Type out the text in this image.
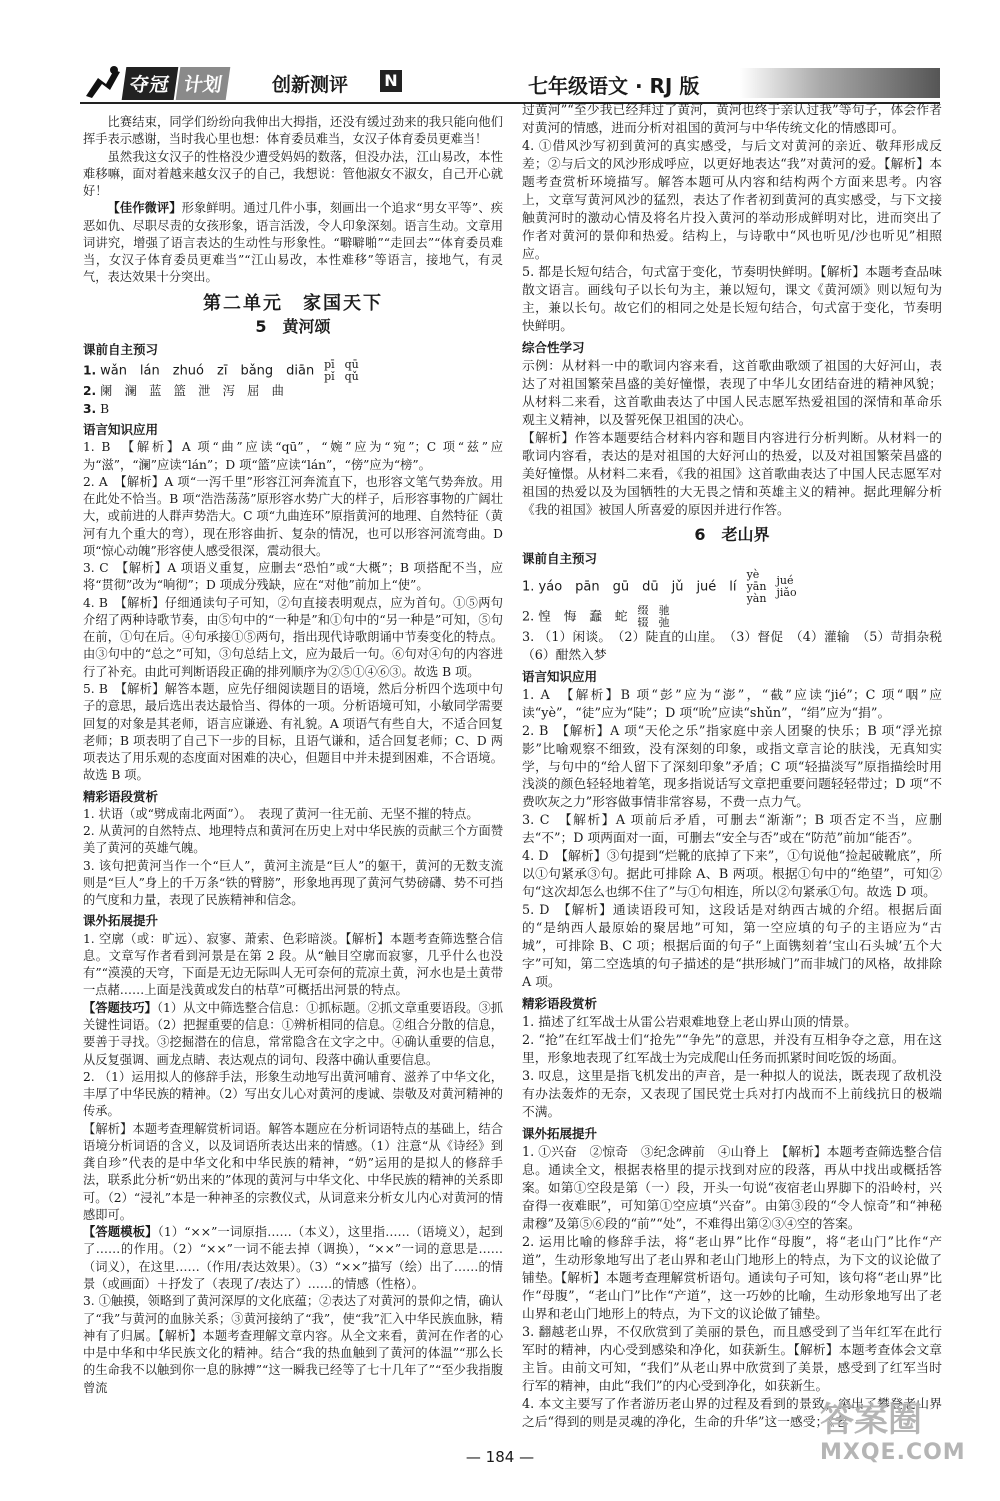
夺冠 计划	创新测评 N	七年级语文 · RJ 版

比赛结束，同学们纷纷向我伸出大拇指，还没有缓过劲来的我只能向他们挥手表示感谢，当时我心里也想：体育委员难当，女汉子体育委员更难当！

虽然我这女汉子的性格没少遭受妈妈的数落，但没办法，江山易改，本性难移嘛，面对着越来越女汉子的自己，我想说：管他淑女不淑女，自己开心就好！

【佳作微评】形象鲜明。通过几件小事，刻画出一个追求“男女平等”、疾恶如仇、尽职尽责的女孩形象，语言活泼，令人印象深刻。语言生动。文章用词讲究，增强了语言表达的生动性与形象性。“噼噼啪”“走回去”“体育委员难当，女汉子体育委员更难当”“江山易改，本性难移”等语言，接地气，有灵气，表达效果十分突出。

第二单元　家国天下
5　黄河颂
课前自主预习

1. wǎn　lán　zhuó　zī　bǎng　diān pī
pǐ

qū
qǔ

2. 阑　澜　蓝　篮　泄　泻　屈　曲

3. B

语言知识应用

1. B　【解析】A 项“曲”应读“qū”，“婉”应为“宛”；C 项“兹”应为“滋”，“澜”应读“lán”；D 项“篮”应读“lán”，“傍”应为“榜”。

2. A　【解析】A 项“一泻千里”形容江河奔流直下，也形容文笔气势奔放。用在此处不恰当。B 项“浩浩荡荡”原形容水势广大的样子，后形容事物的广阔壮大，或前进的人群声势浩大。C 项“九曲连环”原指黄河的地理、自然特征（黄河有九个重大的弯），现在形容曲折、复杂的情况，也可以形容河流弯曲。D 项“惊心动魄”形容使人感受很深，震动很大。

3. C　【解析】A 项语义重复，应删去“恐怕”或“大概”；B 项搭配不当，应将“贯彻”改为“响彻”；D 项成分残缺，应在“对他”前加上“使”。

4. B　【解析】仔细通读句子可知，②句直接表明观点，应为首句。①⑤两句介绍了两种诗歌节奏，由⑤句中的“一种是”和①句中的“另一种是”可知，⑤句在前，①句在后。④句承接①⑤两句，指出现代诗歌朗诵中节奏变化的特点。由③句中的“总之”可知，③句总结上文，应为最后一句。⑥句对④句的内容进行了补充。由此可判断语段正确的排列顺序为②⑤①④⑥③。故选 B 项。

5. B　【解析】解答本题，应先仔细阅读题目的语境，然后分析四个选项中句子的意思，最后选出表达最恰当、得体的一项。分析语境可知，小敏同学需要回复的对象是其老师，语言应谦逊、有礼貌。A 项语气有些自大，不适合回复老师；B 项表明了自己下一步的目标，且语气谦和，适合回复老师；C、D 两项表达了用乐观的态度面对困难的决心，但题目中并未提到困难，不合语境。故选 B 项。

精彩语段赏析

1. 状语（或“劈成南北两面”）。　表现了黄河一往无前、无坚不摧的特点。

2. 从黄河的自然特点、地理特点和黄河在历史上对中华民族的贡献三个方面赞美了黄河的英雄气魄。

3. 该句把黄河当作一个“巨人”，黄河主流是“巨人”的躯干，黄河的无数支流则是“巨人”身上的千万条“铁的臂膀”，形象地再现了黄河气势磅礴、势不可挡的气度和力量，表现了民族精神和信念。

课外拓展提升

1. 空廓（或：旷远）、寂寥、萧索、色彩暗淡。【解析】本题考查筛选整合信息。文章写作者看到河景是在第 2 段。从“触目空廓而寂寥，几乎什么也没有”“漠漠的天穹，下面是无边无际叫人无可奈何的荒凉土黄，河水也是土黄带一点赭……上面是浅黄或发白的枯草”可概括出河景的特点。

【答题技巧】（1）从文中筛选整合信息：①抓标题。②抓文章重要语段。③抓关键性词语。（2）把握重要的信息：①辨析相同的信息。②组合分散的信息，要善于寻找。③挖掘潜在的信息，常常隐含在文字之中。④确认重要的信息，从反复强调、画龙点睛、表达观点的词句、段落中确认重要信息。

2. （1）运用拟人的修辞手法，形象生动地写出黄河哺育、滋养了中华文化，丰厚了中华民族的精神。（2）写出女儿心对黄河的虔诚、崇敬及对黄河精神的传承。

【解析】本题考查理解赏析词语。解答本题应在分析词语特点的基础上，结合语境分析词语的含义，以及词语所表达出来的情感。（1）注意“从《诗经》到龚自珍”代表的是中华文化和中华民族的精神，“奶”运用的是拟人的修辞手法，联系此分析“奶出来的”体现的黄河与中华文化、中华民族的精神的关系即可。（2）“浸礼”本是一种神圣的宗教仪式，从词意来分析女儿内心对黄河的情感即可。

【答题模板】（1）“××”一词原指……（本义），这里指……（语境义），起到了……的作用。（2）“××”一词不能去掉（调换），“××”一词的意思是……（词义），在这里……（作用/表达效果）。（3）“××”描写（绘）出了……的情景（或画面）＋抒发了（表现了/表达了）……的情感（性格）。

3. ①触摸，领略到了黄河深厚的文化底蕴；②表达了对黄河的景仰之情，确认了“我”与黄河的血脉关系；③黄河接纳了“我”，使“我”汇入中华民族血脉，精神有了归属。【解析】本题考查理解文章内容。从全文来看，黄河在作者的心中是中华和中华民族文化的精神。结合“我的热血触到了黄河的体温”“那么长的生命我不以触到你一息的脉搏”“这一瞬我已经等了七十几年了”“至少我指腹曾流

过黄河”“至少我已经拜过了黄河，黄河也终于亲认过我”等句子，体会作者对黄河的情感，进而分析对祖国的黄河与中华传统文化的情感即可。

4. ①借风沙写初到黄河的真实感受，与后文对黄河的亲近、敬拜形成反差；②与后文的风沙形成呼应，以更好地表达“我”对黄河的爱。【解析】本题考查赏析环境描写。解答本题可从内容和结构两个方面来思考。内容上，文章写黄河风沙的猛烈，表达了作者初到黄河的真实感受，与下文接触黄河时的激动心情及将名片投入黄河的举动形成鲜明对比，进而突出了作者对黄河的景仰和热爱。结构上，与诗歌中“风也听见/沙也听见”相照应。

5. 都是长短句结合，句式富于变化，节奏明快鲜明。【解析】本题考查品味散文语言。画线句子以长句为主，兼以短句，课文《黄河颂》则以短句为主，兼以长句。故它们的相同之处是长短句结合，句式富于变化，节奏明快鲜明。

综合性学习

示例：从材料一中的歌词内容来看，这首歌曲歌颂了祖国的大好河山，表达了对祖国繁荣昌盛的美好憧憬，表现了中华儿女团结奋进的精神风貌；从材料二来看，这首歌曲表达了中国人民志愿军热爱祖国的深情和革命乐观主义精神，以及誓死保卫祖国的决心。

【解析】作答本题要结合材料内容和题目内容进行分析判断。从材料一的歌词内容看，表达的是对祖国的大好河山的热爱，以及对祖国繁荣昌盛的美好憧憬。从材料二来看，《我的祖国》这首歌曲表达了中国人民志愿军对祖国的热爱以及为国牺牲的大无畏之情和英雄主义的精神。据此理解分析《我的祖国》被国人所喜爱的原因并进行作答。

6　老山界
课前自主预习

1. yáo　pān　gū　dū　jǔ　jué　lí
yè
yān
yàn

jué
jiǎo

2. 惶　悔　蠢　蛇 缀
辍

驰
弛

3. （1）闲谈。　（2）陡直的山崖。　（3）督促　（4）灌输　（5）苛捐杂税　（6）酣然入梦

语言知识应用

1. A　【解析】B 项“彭”应为“澎”，“截”应读“jié”；C 项“咽”应读“yè”，“徒”应为“陡”；D 项“吮”应读“shǔn”，“绢”应为“捐”。

2. B　【解析】A 项“天伦之乐”指家庭中亲人团聚的快乐；B 项“浮光掠影”比喻观察不细致，没有深刻的印象，或指文章言论的肤浅，无真知实学，与句中的“给人留下了深刻印象”矛盾；C 项“轻描淡写”原指描绘时用浅淡的颜色轻轻地着笔，现多指说话写文章把重要问题轻轻带过；D 项“不费吹灰之力”形容做事情非常容易，不费一点力气。

3. C　【解析】A 项前后矛盾，可删去“渐渐”；B 项否定不当，应删去“不”；D 项两面对一面，可删去“安全与否”或在“防范”前加“能否”。

4. D　【解析】③句提到“烂靴的底掉了下来”，①句说他“捡起破靴底”，所以①句紧承③句。据此可排除 A、B 两项。根据①句中的“绝望”，可知②句“这次却怎么也绑不住了”与①句相连，所以②句紧承①句。故选 D 项。

5. D　【解析】通读语段可知，这段话是对纳西古城的介绍。根据后面的“是纳西人最原始的聚居地”可知，第一空应填的句子的主语应为“古城”，可排除 B、C 项；根据后面的句子“上面镌刻着‘宝山石头城’五个大字”可知，第二空选填的句子描述的是“拱形城门”而非城门的风格，故排除 A 项。

精彩语段赏析

1. 描述了红军战士从雷公岩艰难地登上老山界山顶的情景。

2. “抢”在红军战士们“抢先”“争先”的意思，并没有互相争夺之意，用在这里，形象地表现了红军战士为完成爬山任务而抓紧时间吃饭的场面。

3. 叹息，这里是指飞机发出的声音，是一种拟人的说法，既表现了敌机没有办法轰炸的无奈，又表现了国民党士兵对打内战而不上前线抗日的极端不满。

课外拓展提升

1. ①兴奋　②惊奇　③纪念碑前　④山脊上　【解析】本题考查筛选整合信息。通读全文，根据表格里的提示找到对应的段落，再从中找出或概括答案。如第①空段是第（一）段，开头一句说“夜宿老山界脚下的沿岭村，兴奋得一夜难眠”，可知第①空应填“兴奋”。由第③段的“令人惊奇”和“神秘肃穆”及第⑤⑥段的“前”“处”，不难得出第②③④空的答案。

2. 运用比喻的修辞手法，将“老山界”比作“母腹”，将“老山门”比作“产道”，生动形象地写出了老山界和老山门地形上的特点，为下文的议论做了铺垫。【解析】本题考查理解赏析语句。通读句子可知，该句将“老山界”比作“母腹”，“老山门”比作“产道”，这一巧妙的比喻，生动形象地写出了老山界和老山门地形上的特点，为下文的议论做了铺垫。

3. 翻越老山界，不仅欣赏到了美丽的景色，而且感受到了当年红军在此行军时的精神，内心受到感染和净化，如获新生。【解析】本题考查体会文章主旨。由前文可知，“我们”从老山界中欣赏到了美景，感受到了红军当时行军的精神，由此“我们”的内心受到净化，如获新生。

4. 本文主要写了作者游历老山界的过程及看到的景致，突出了攀登老山界之后“得到的则是灵魂的净化，生命的升华”这一感受；《老

— 184 —
答案圈
MXQE.COM
